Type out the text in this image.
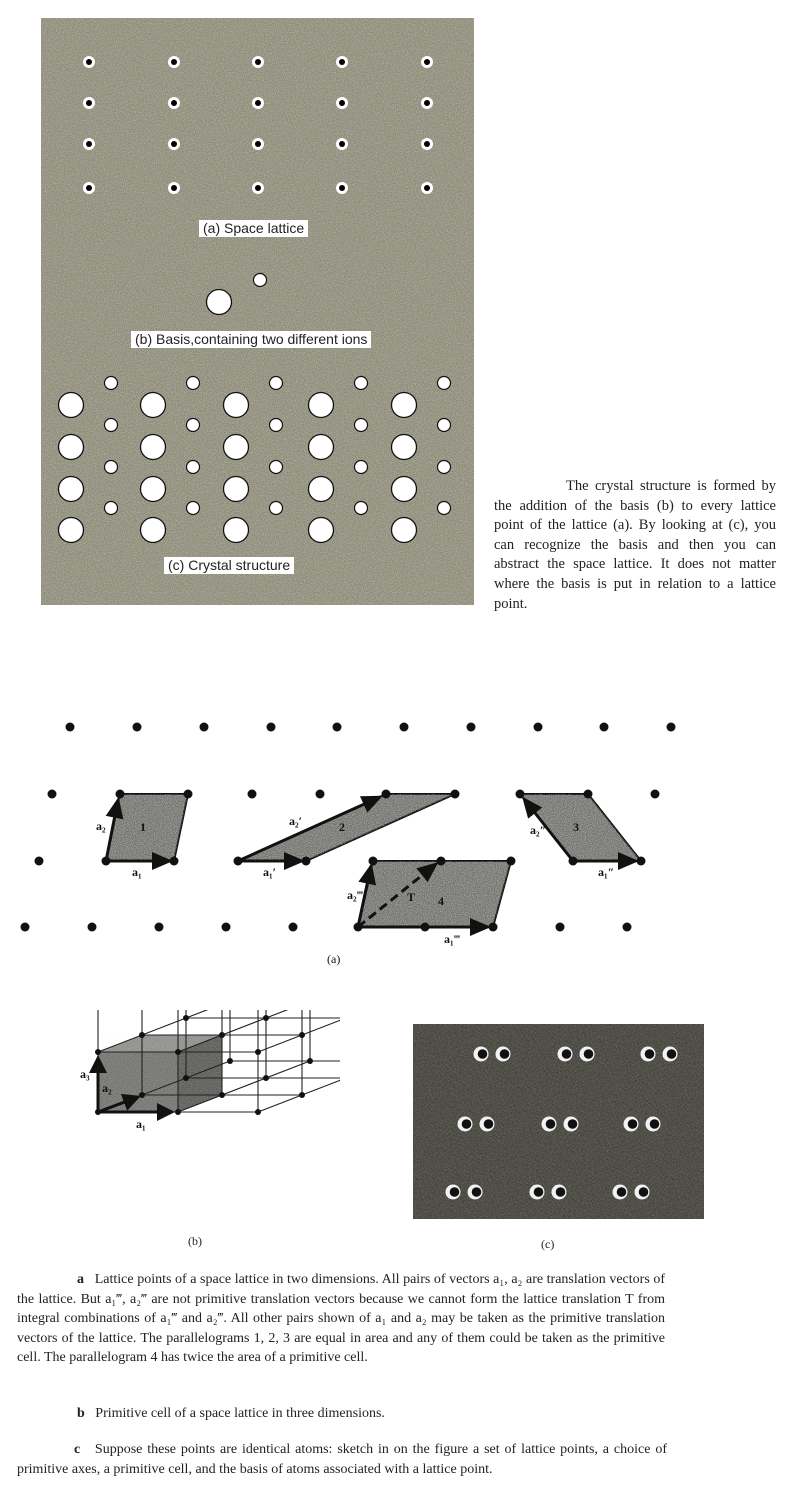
(a) Space lattice
(b) Basis,containing two different ions
(c) Crystal structure
The crystal structure is formed by the addition of the basis (b) to every lattice point of the lattice (a). By looking at (c), you can recognize the basis and then you can abstract the space lattice. It does not matter where the basis is put in relation to a lattice point.
1	2	3
4
a₁
a₂
a₁′
a₂′
a₁″
a₂″
a₁‴
a₂‴	T
(a)
a₁
a₂
a₃
(b)	(c)
a Lattice points of a space lattice in two dimensions. All pairs of vectors a₁, a₂ are translation vectors of the lattice. But a₁‴, a₂‴ are not primitive translation vectors because we cannot form the lattice translation T from integral combinations of a₁‴ and a₂‴. All other pairs shown of a₁ and a₂ may be taken as the primitive translation vectors of the lattice. The parallelograms 1, 2, 3 are equal in area and any of them could be taken as the primitive cell. The parallelogram 4 has twice the area of a primitive cell.
b Primitive cell of a space lattice in three dimensions.
c Suppose these points are identical atoms: sketch in on the figure a set of lattice points, a choice of primitive axes, a primitive cell, and the basis of atoms associated with a lattice point.
